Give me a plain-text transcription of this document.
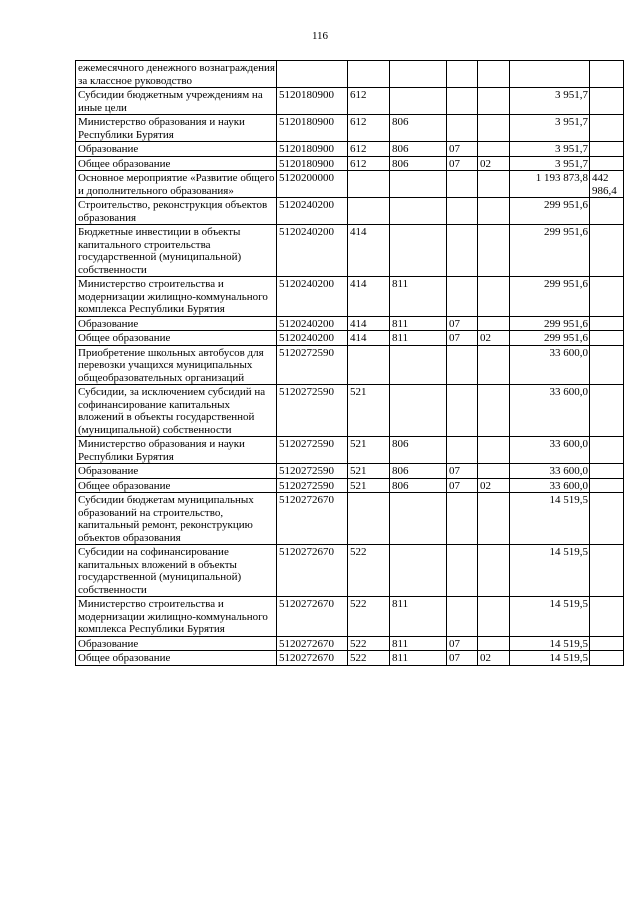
116
ежемесячного денежного вознаграждения за классное руководство							
Субсидии бюджетным учреждениям на иные цели	5120180900	612				3 951,7	
Министерство образования и науки Республики Бурятия	5120180900	612	806			3 951,7	
Образование	5120180900	612	806	07		3 951,7	
Общее образование	5120180900	612	806	07	02	3 951,7	
Основное мероприятие «Развитие общего и дополнительного образования»	5120200000					1 193 873,8	442 986,4
Строительство, реконструкция объектов образования	5120240200					299 951,6	
Бюджетные инвестиции в объекты капитального строительства государственной (муниципальной) собственности	5120240200	414				299 951,6	
Министерство строительства и модернизации жилищно-коммунального комплекса Республики Бурятия	5120240200	414	811			299 951,6	
Образование	5120240200	414	811	07		299 951,6	
Общее образование	5120240200	414	811	07	02	299 951,6	
Приобретение школьных автобусов для перевозки учащихся муниципальных общеобразовательных организаций	5120272590					33 600,0	
Субсидии, за исключением субсидий на софинансирование капитальных вложений в объекты государственной (муниципальной) собственности	5120272590	521				33 600,0	
Министерство образования и науки Республики Бурятия	5120272590	521	806			33 600,0	
Образование	5120272590	521	806	07		33 600,0	
Общее образование	5120272590	521	806	07	02	33 600,0	
Субсидии бюджетам муниципальных образований на строительство, капитальный ремонт, реконструкцию объектов образования	5120272670					14 519,5	
Субсидии на софинансирование капитальных вложений в объекты государственной (муниципальной) собственности	5120272670	522				14 519,5	
Министерство строительства и модернизации жилищно-коммунального комплекса Республики Бурятия	5120272670	522	811			14 519,5	
Образование	5120272670	522	811	07		14 519,5	
Общее образование	5120272670	522	811	07	02	14 519,5	
